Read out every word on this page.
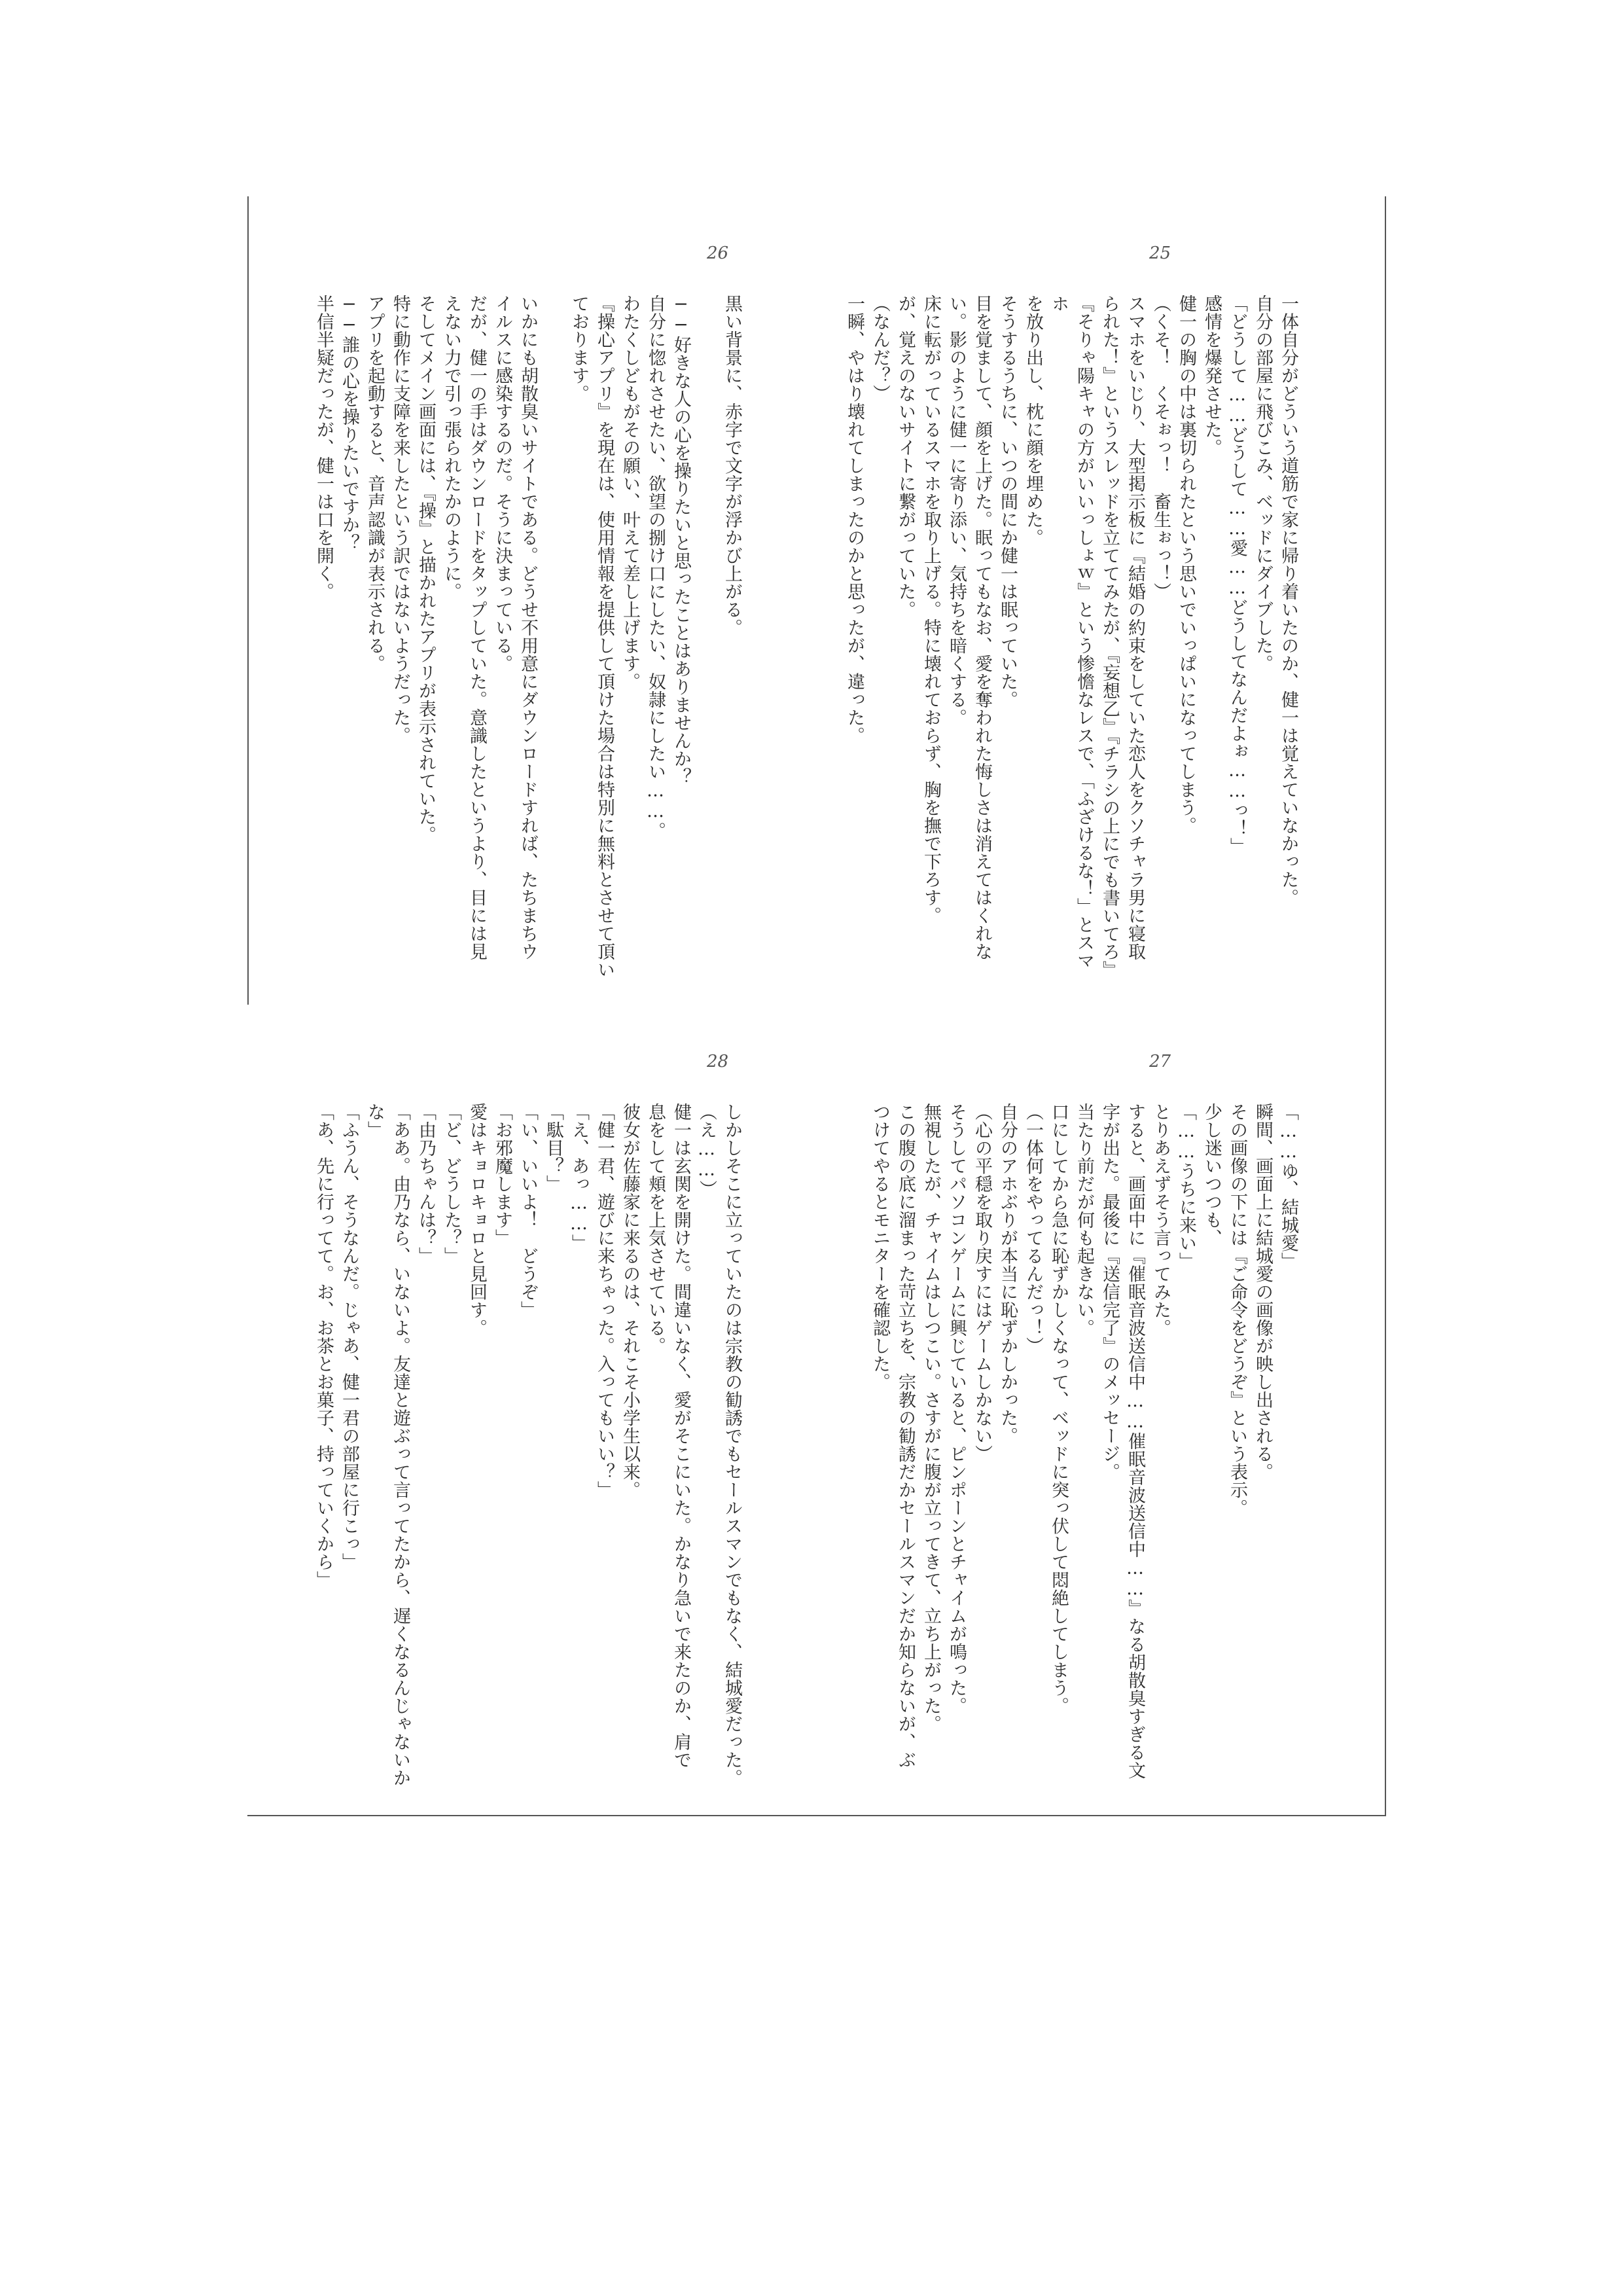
26
黒い背景に、赤字で文字が浮かび上がる。
──好きな人の心を操りたいと思ったことはありませんか？
自分に惚れさせたい、欲望の捌け口にしたい、奴隷にしたい……。
わたくしどもがその願い、叶えて差し上げます。
『操心アプリ』を現在は、使用情報を提供して頂けた場合は特別に無料とさせて頂い
ております。
いかにも胡散臭いサイトである。どうせ不用意にダウンロードすれば、たちまちウ
イルスに感染するのだ。そうに決まっている。
だが、健一の手はダウンロードをタップしていた。意識したというより、目には見
えない力で引っ張られたかのように。
そしてメイン画面には、『操』と描かれたアプリが表示されていた。
特に動作に支障を来したという訳ではないようだった。
アプリを起動すると、音声認識が表示される。
──誰の心を操りたいですか？
半信半疑だったが、健一は口を開く。
25
一体自分がどういう道筋で家に帰り着いたのか、健一は覚えていなかった。
自分の部屋に飛びこみ、ベッドにダイブした。
「どうして……どうして……愛……どうしてなんだよぉ……っ！」
感情を爆発させた。
健一の胸の中は裏切られたという思いでいっぱいになってしまう。
（くそ！　くそぉっ！　畜生ぉっ！）
スマホをいじり、大型掲示板に『結婚の約束をしていた恋人をクソチャラ男に寝取
られた！』というスレッドを立ててみたが、『妄想乙』『チラシの上にでも書いてろ』
『そりゃ陽キャの方がいいっしょｗ』という惨憺なレスで、「ふざけるな！」とスマホ
を放り出し、枕に顔を埋めた。
そうするうちに、いつの間にか健一は眠っていた。
目を覚まして、顔を上げた。眠ってもなお、愛を奪われた悔しさは消えてはくれな
い。影のように健一に寄り添い、気持ちを暗くする。
床に転がっているスマホを取り上げる。特に壊れておらず、胸を撫で下ろす。
が、覚えのないサイトに繋がっていた。
（なんだ？）
一瞬、やはり壊れてしまったのかと思ったが、違った。
28
しかしそこに立っていたのは宗教の勧誘でもセールスマンでもなく、結城愛だった。
（え……）
健一は玄関を開けた。間違いなく、愛がそこにいた。かなり急いで来たのか、肩で
息をして頬を上気させている。
彼女が佐藤家に来るのは、それこそ小学生以来。
「健一君、遊びに来ちゃった。入ってもいい？」
「え、あっ……」
「駄目？」
「い、いいよ！　どうぞ」
「お邪魔します」
愛はキョロキョロと見回す。
「ど、どうした？」
「由乃ちゃんは？」
「ああ。由乃なら、いないよ。友達と遊ぶって言ってたから、遅くなるんじゃないか
な」
「ふうん、そうなんだ。じゃあ、健一君の部屋に行こっ」
「あ、先に行ってて。お、お茶とお菓子、持っていくから」
27
「……ゆ、結城愛」
瞬間、画面上に結城愛の画像が映し出される。
その画像の下には『ご命令をどうぞ』という表示。
少し迷いつつも、
「……うちに来い」
とりあえずそう言ってみた。
すると、画面中に『催眠音波送信中……催眠音波送信中……』なる胡散臭すぎる文
字が出た。最後に『送信完了』のメッセージ。
当たり前だが何も起きない。
口にしてから急に恥ずかしくなって、ベッドに突っ伏して悶絶してしまう。
（一体何をやってるんだっ！）
自分のアホぶりが本当に恥ずかしかった。
（心の平穏を取り戻すにはゲームしかない）
そうしてパソコンゲームに興じていると、ピンポーンとチャイムが鳴った。
無視したが、チャイムはしつこい。さすがに腹が立ってきて、立ち上がった。
この腹の底に溜まった苛立ちを、宗教の勧誘だかセールスマンだか知らないが、ぶ
つけてやるとモニターを確認した。
